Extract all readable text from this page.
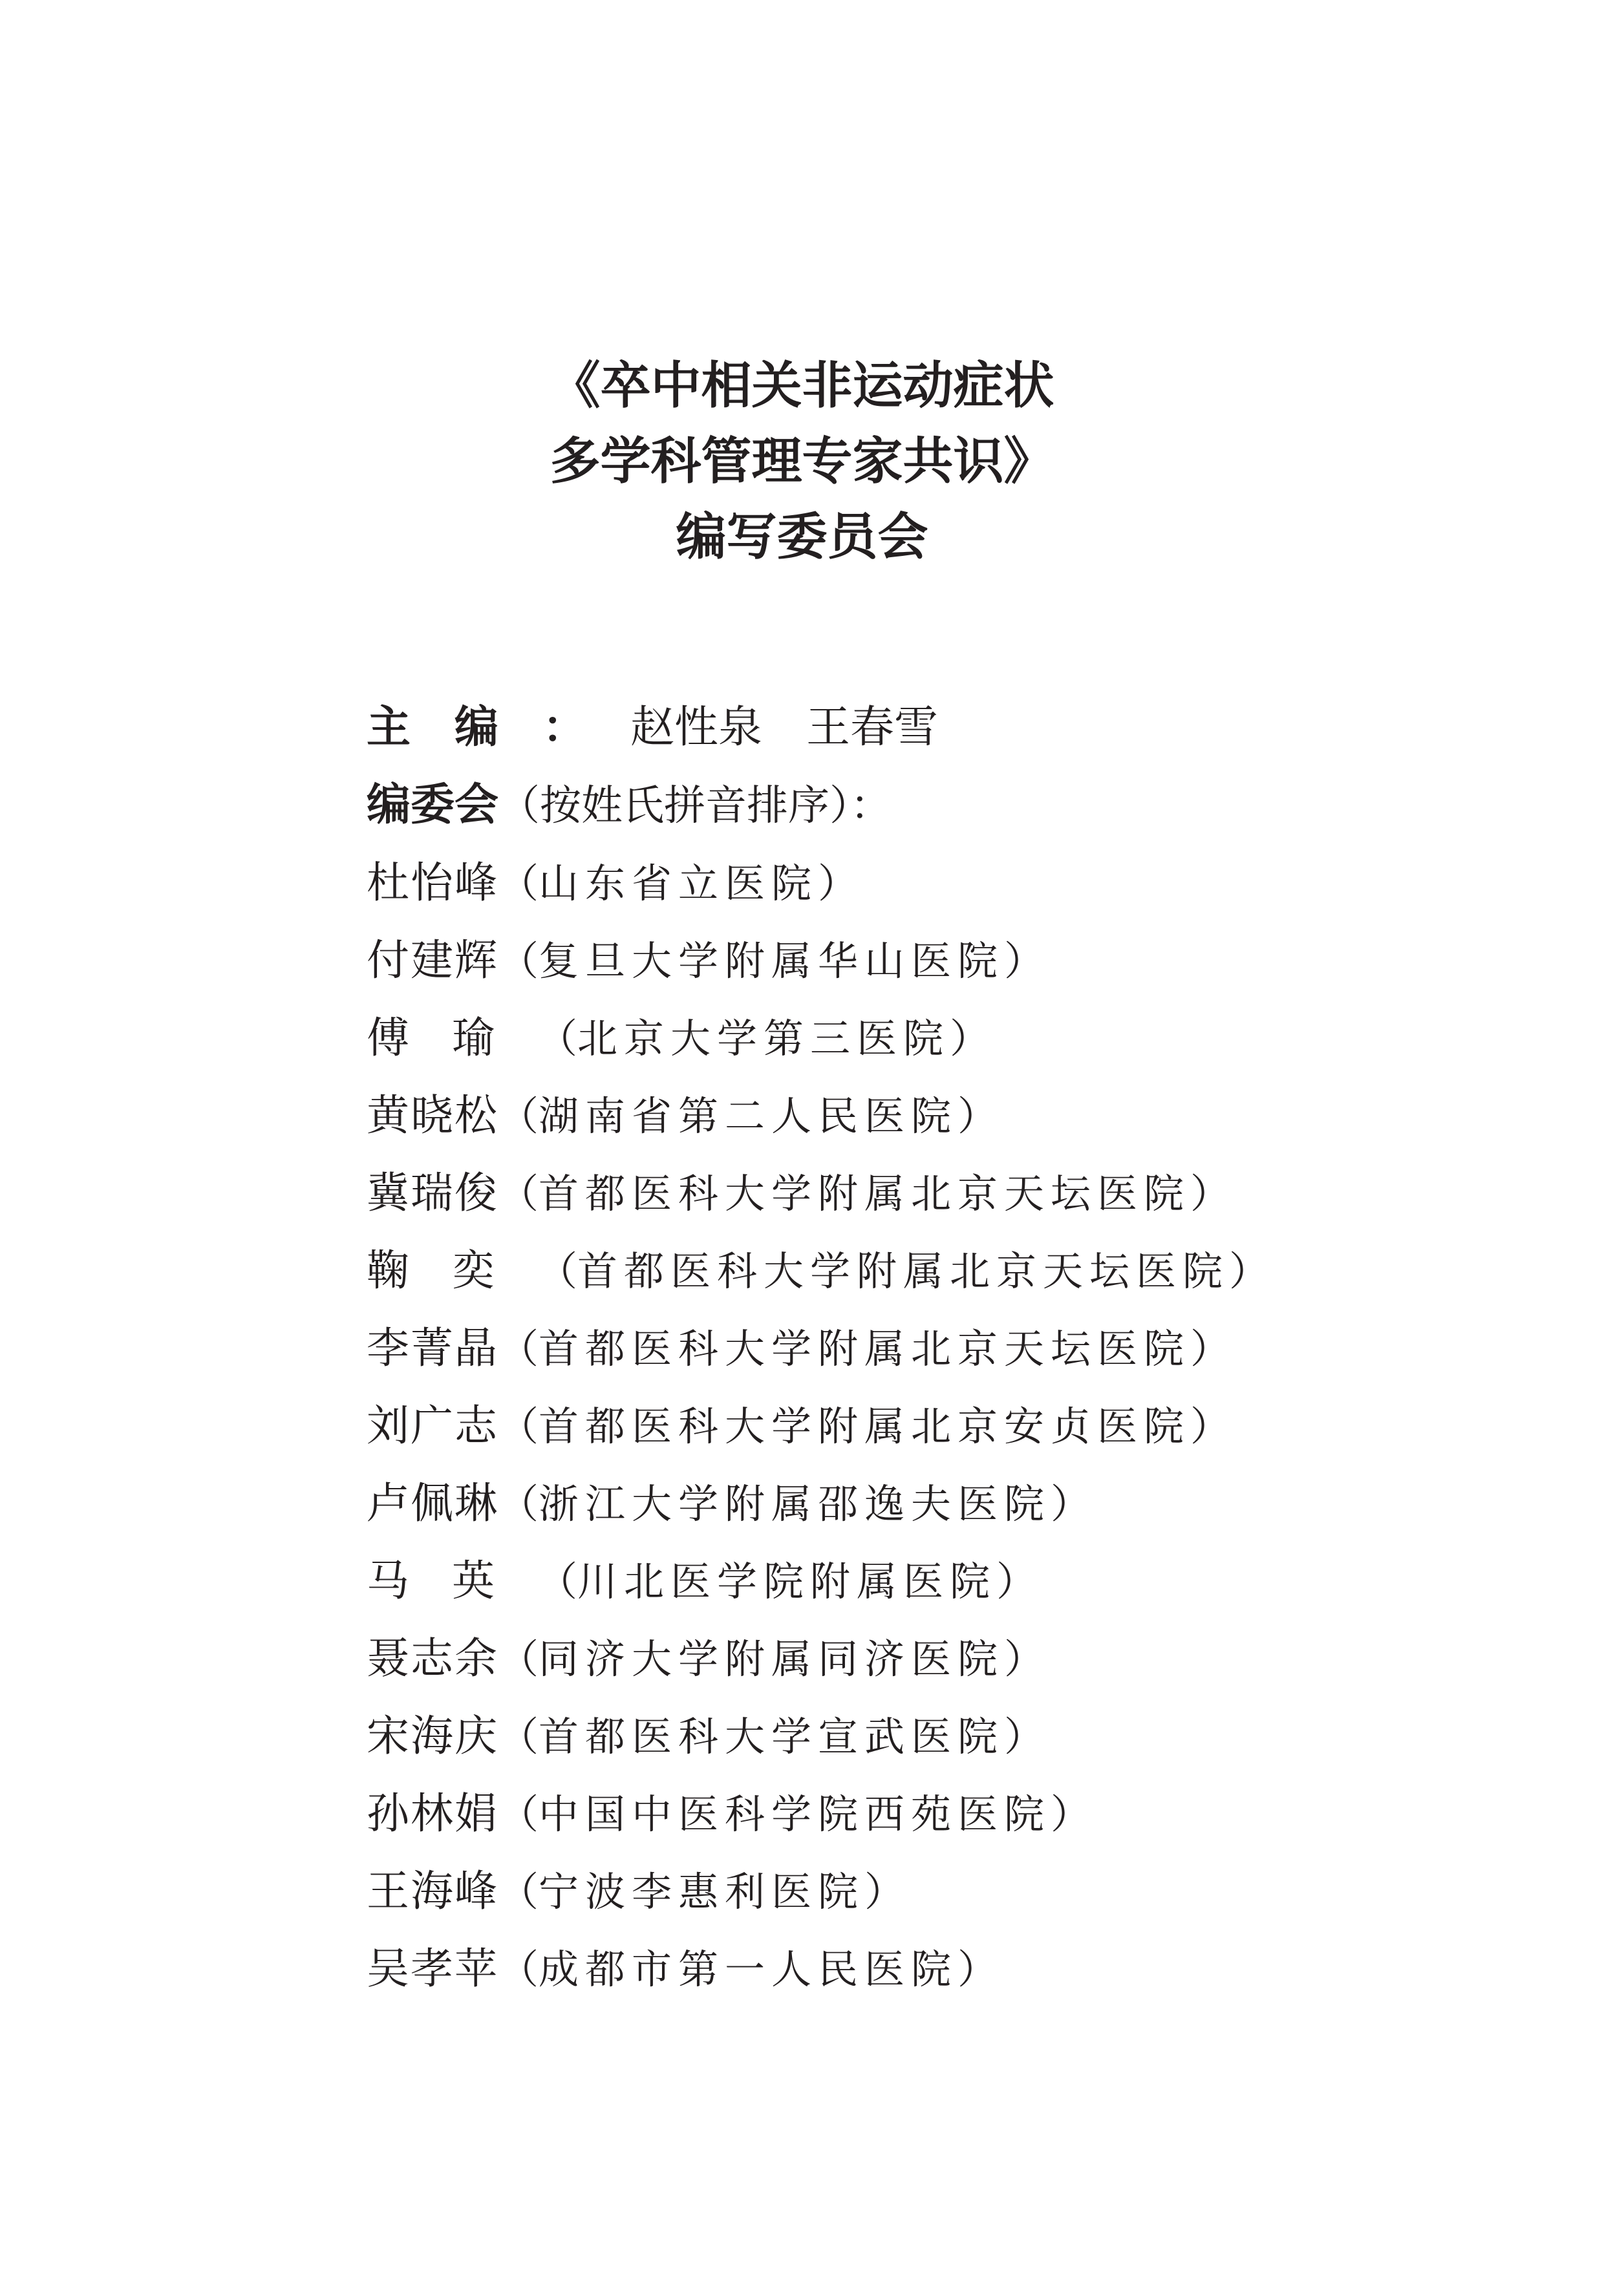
《卒中相关非运动症状
多学科管理专家共识》
编写委员会
主编：赵性泉　王春雪
编委会（按姓氏拼音排序）：
杜怡峰（山东省立医院）
付建辉（复旦大学附属华山医院）
傅瑜（北京大学第三医院）
黄晓松（湖南省第二人民医院）
冀瑞俊（首都医科大学附属北京天坛医院）
鞠奕（首都医科大学附属北京天坛医院）
李菁晶（首都医科大学附属北京天坛医院）
刘广志（首都医科大学附属北京安贞医院）
卢佩琳（浙江大学附属邵逸夫医院）
马英（川北医学院附属医院）
聂志余（同济大学附属同济医院）
宋海庆（首都医科大学宣武医院）
孙林娟（中国中医科学院西苑医院）
王海峰（宁波李惠利医院）
吴孝苹（成都市第一人民医院）
